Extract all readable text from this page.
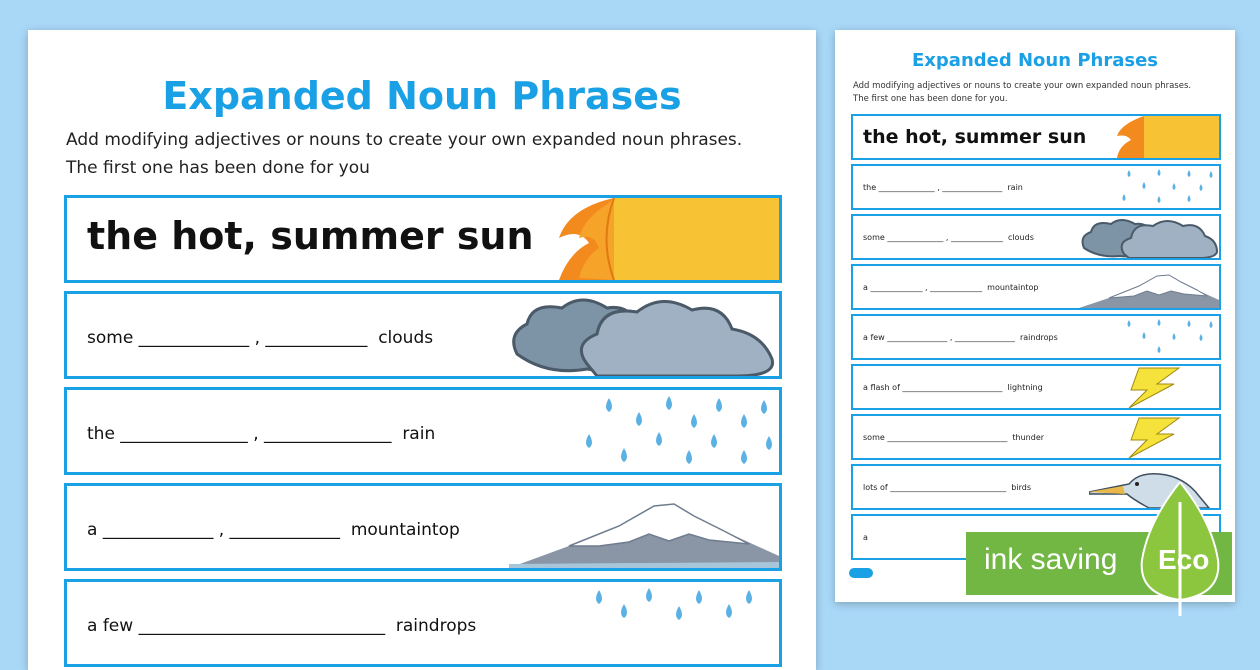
Expanded Noun Phrases
Add modifying adjectives or nouns to create your own expanded noun phrases.
The first one has been done for you
the hot, summer sun
some _____________ , ____________  clouds
the _______________ , _______________  rain
a _____________ , _____________  mountaintop
a few _____________________________  raindrops
Expanded Noun Phrases
Add modifying adjectives or nouns to create your own expanded noun phrases.
The first one has been done for you.
the hot, summer sun
the ______________ , _______________  rain
some ______________ , _____________  clouds
a _____________ , _____________  mountaintop
a few _______________ , _______________  raindrops
a flash of _________________________  lightning
some ______________________________  thunder
lots of _____________________________  birds
a
ink saving Eco
